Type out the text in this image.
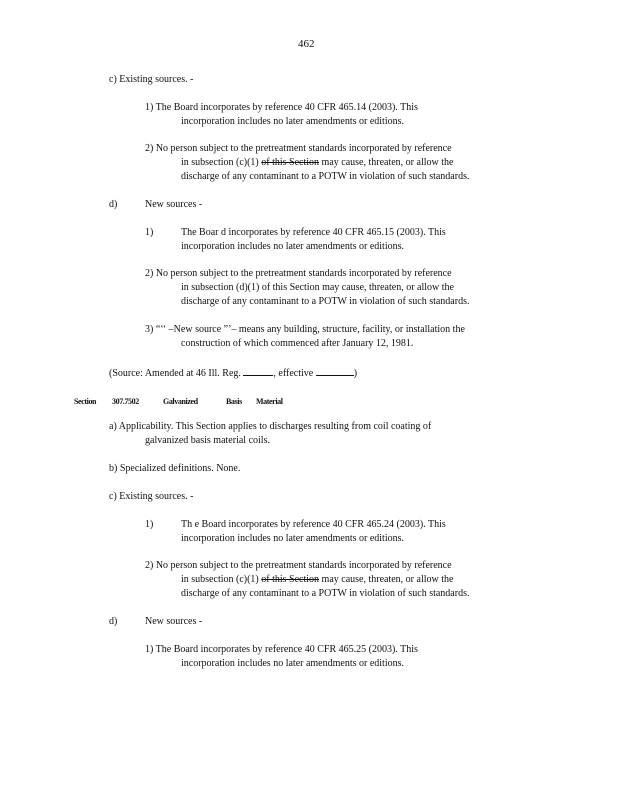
462
c) Existing sources. -
1) The Board incorporates by reference 40 CFR 465.14 (2003). This
incorporation includes no later amendments or editions.
2) No person subject to the pretreatment standards incorporated by reference
in subsection (c)(1) of this Section may cause, threaten, or allow the
discharge of any contaminant to a POTW in violation of such standards.
d)	New sources -
1)	The Boar d incorporates by reference 40 CFR 465.15 (2003). This
incorporation includes no later amendments or editions.
2) No person subject to the pretreatment standards incorporated by reference
in subsection (d)(1) of this Section may cause, threaten, or allow the
discharge of any contaminant to a POTW in violation of such standards.
3) “‘‘ –New source ”’– means any building, structure, facility, or installation the
construction of which commenced after January 12, 1981.
(Source: Amended at 46 Ill. Reg.	, effective	)
Section 307.7502	Galvanized	Basis Material
a) Applicability. This Section applies to discharges resulting from coil coating of
galvanized basis material coils.
b) Specialized definitions. None.
c) Existing sources. -
1)	Th e Board incorporates by reference 40 CFR 465.24 (2003). This
incorporation includes no later amendments or editions.
2) No person subject to the pretreatment standards incorporated by reference
in subsection (c)(1) of this Section may cause, threaten, or allow the
discharge of any contaminant to a POTW in violation of such standards.
d)	New sources -
1) The Board incorporates by reference 40 CFR 465.25 (2003). This
incorporation includes no later amendments or editions.
